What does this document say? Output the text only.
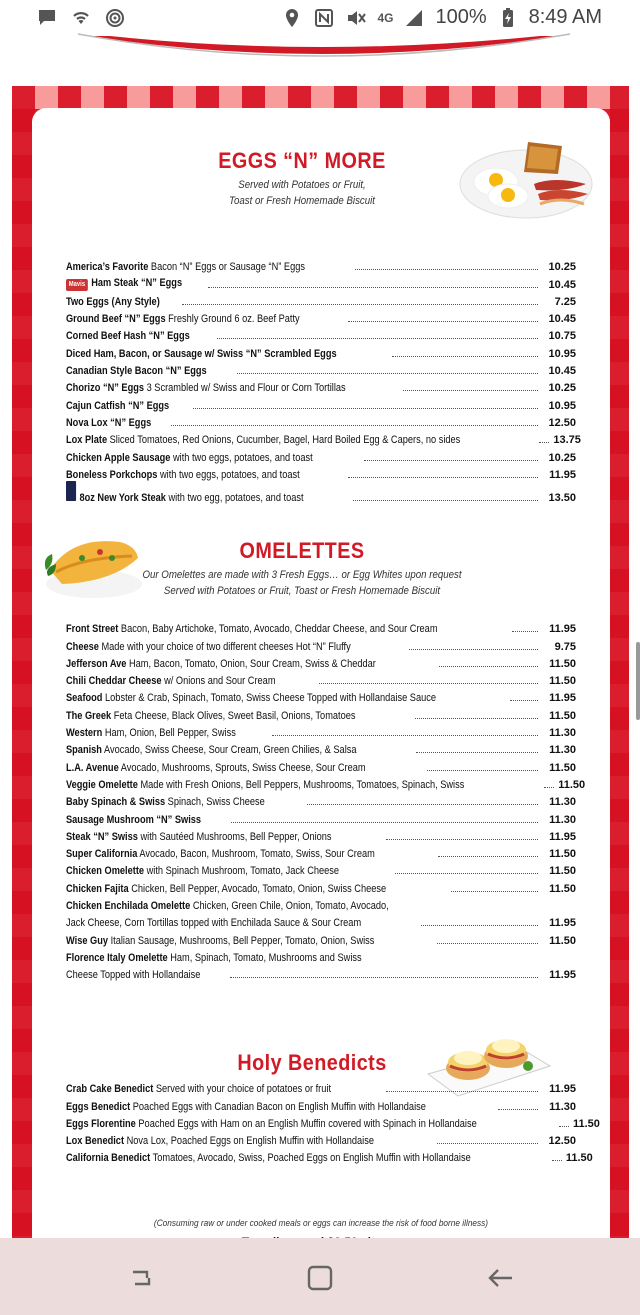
4G 100% 8:49 AM
EGGS “N” MORE
Served with Potatoes or Fruit,
Toast or Fresh Homemade Biscuit
America’s Favorite Bacon “N” Eggs or Sausage “N” Eggs	10.25
Mavis Ham Steak “N” Eggs	10.45
Two Eggs (Any Style)	7.25
Ground Beef “N” Eggs Freshly Ground 6 oz. Beef Patty	10.45
Corned Beef Hash “N” Eggs	10.75
Diced Ham, Bacon, or Sausage w/ Swiss “N” Scrambled Eggs	10.95
Canadian Style Bacon “N” Eggs	10.45
Chorizo “N” Eggs 3 Scrambled w/ Swiss and Flour or Corn Tortillas	10.25
Cajun Catfish “N” Eggs	10.95
Nova Lox “N” Eggs	12.50
Lox Plate Sliced Tomatoes, Red Onions, Cucumber, Bagel, Hard Boiled Egg & Capers, no sides	13.75
Chicken Apple Sausage with two eggs, potatoes, and toast	10.25
Boneless Porkchops with two eggs, potatoes, and toast	11.95
8oz New York Steak with two egg, potatoes, and toast	13.50
OMELETTES
Our Omelettes are made with 3 Fresh Eggs… or Egg Whites upon request
Served with Potatoes or Fruit, Toast or Fresh Homemade Biscuit
Front Street Bacon, Baby Artichoke, Tomato, Avocado, Cheddar Cheese, and Sour Cream	11.95
Cheese Made with your choice of two different cheeses Hot “N” Fluffy	9.75
Jefferson Ave Ham, Bacon, Tomato, Onion, Sour Cream, Swiss & Cheddar	11.50
Chili Cheddar Cheese w/ Onions and Sour Cream	11.50
Seafood Lobster & Crab, Spinach, Tomato, Swiss Cheese Topped with Hollandaise Sauce	11.95
The Greek Feta Cheese, Black Olives, Sweet Basil, Onions, Tomatoes	11.50
Western Ham, Onion, Bell Pepper, Swiss	11.30
Spanish Avocado, Swiss Cheese, Sour Cream, Green Chilies, & Salsa	11.30
L.A. Avenue Avocado, Mushrooms, Sprouts, Swiss Cheese, Sour Cream	11.50
Veggie Omelette Made with Fresh Onions, Bell Peppers, Mushrooms, Tomatoes, Spinach, Swiss	11.50
Baby Spinach & Swiss Spinach, Swiss Cheese	11.30
Sausage Mushroom “N” Swiss	11.30
Steak “N” Swiss with Sautéed Mushrooms, Bell Pepper, Onions	11.95
Super California Avocado, Bacon, Mushroom, Tomato, Swiss, Sour Cream	11.50
Chicken Omelette with Spinach Mushroom, Tomato, Jack Cheese	11.50
Chicken Fajita Chicken, Bell Pepper, Avocado, Tomato, Onion, Swiss Cheese	11.50
Chicken Enchilada Omelette Chicken, Green Chile, Onion, Tomato, Avocado,
Jack Cheese, Corn Tortillas topped with Enchilada Sauce & Sour Cream	11.95
Wise Guy Italian Sausage, Mushrooms, Bell Pepper, Tomato, Onion, Swiss	11.50
Florence Italy Omelette Ham, Spinach, Tomato, Mushrooms and Swiss
Cheese Topped with Hollandaise	11.95
Holy Benedicts
Crab Cake Benedict Served with your choice of potatoes or fruit	11.95
Eggs Benedict Poached Eggs with Canadian Bacon on English Muffin with Hollandaise	11.30
Eggs Florentine Poached Eggs with Ham on an English Muffin covered with Spinach in Hollandaise	11.50
Lox Benedict Nova Lox, Poached Eggs on English Muffin with Hollandaise	12.50
California Benedict Tomatoes, Avocado, Swiss, Poached Eggs on English Muffin with Hollandaise	11.50
(Consuming raw or under cooked meals or eggs can increase the risk of food borne illness)
